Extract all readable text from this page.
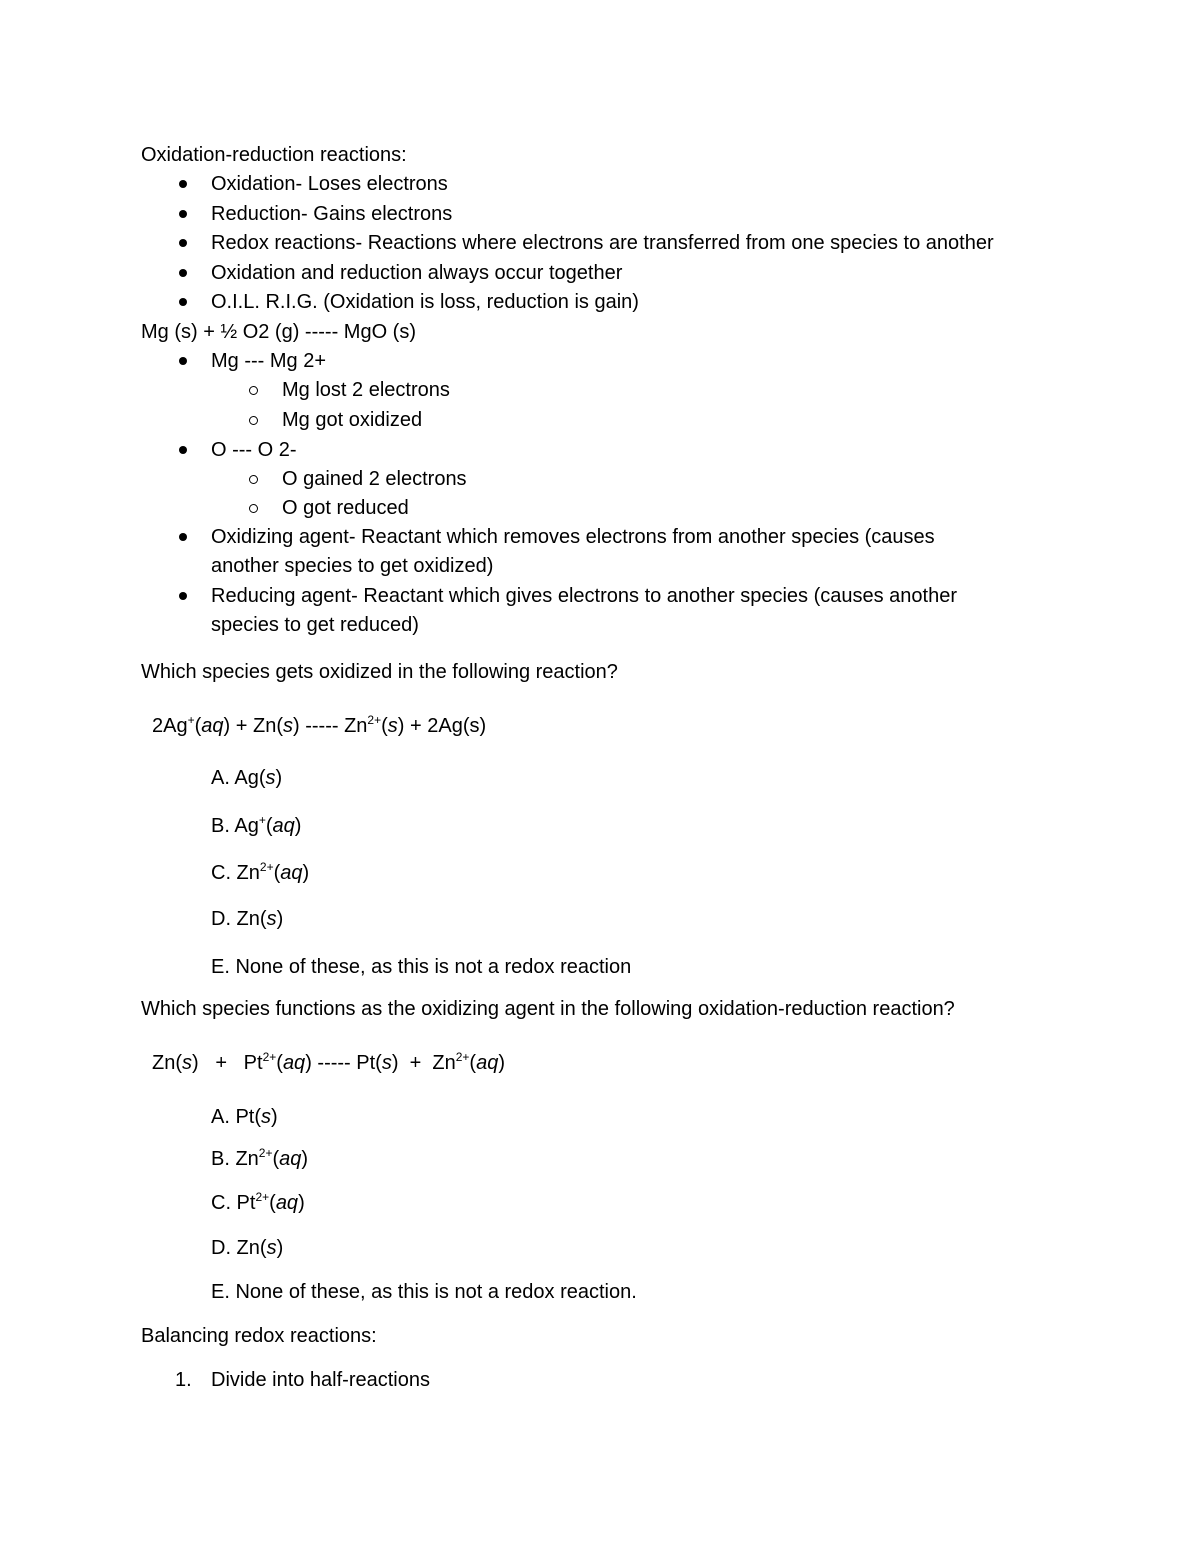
Oxidation-reduction reactions:
Oxidation- Loses electrons
Reduction- Gains electrons
Redox reactions- Reactions where electrons are transferred from one species to another
Oxidation and reduction always occur together
O.I.L. R.I.G. (Oxidation is loss, reduction is gain)
Mg (s) + ½ O2 (g) ----- MgO (s)
Mg --- Mg 2+
Mg lost 2 electrons
Mg got oxidized
O --- O 2-
O gained 2 electrons
O got reduced
Oxidizing agent- Reactant which removes electrons from another species (causes
another species to get oxidized)
Reducing agent- Reactant which gives electrons to another species (causes another
species to get reduced)
Which species gets oxidized in the following reaction?
2Ag+(aq) + Zn(s) ----- $Zn^{2+}(s) + 2Ag(s)$
A. Ag(s)
B. Ag+(aq)
C. $Zn^{2+}(aq)$
D. Zn(s)
E. None of these, as this is not a redox reaction
Which species functions as the oxidizing agent in the following oxidation-reduction reaction?
$Zn(s) + Pt^{2+}(aq)$ ----- $Pt(s) + Zn^{2+}(aq)$
A. Pt(s)
B. $Zn^{2+}(aq)$
C. $Pt^{2+}(aq)$
D. Zn(s)
E. None of these, as this is not a redox reaction.
Balancing redox reactions:
1. Divide into half-reactions
